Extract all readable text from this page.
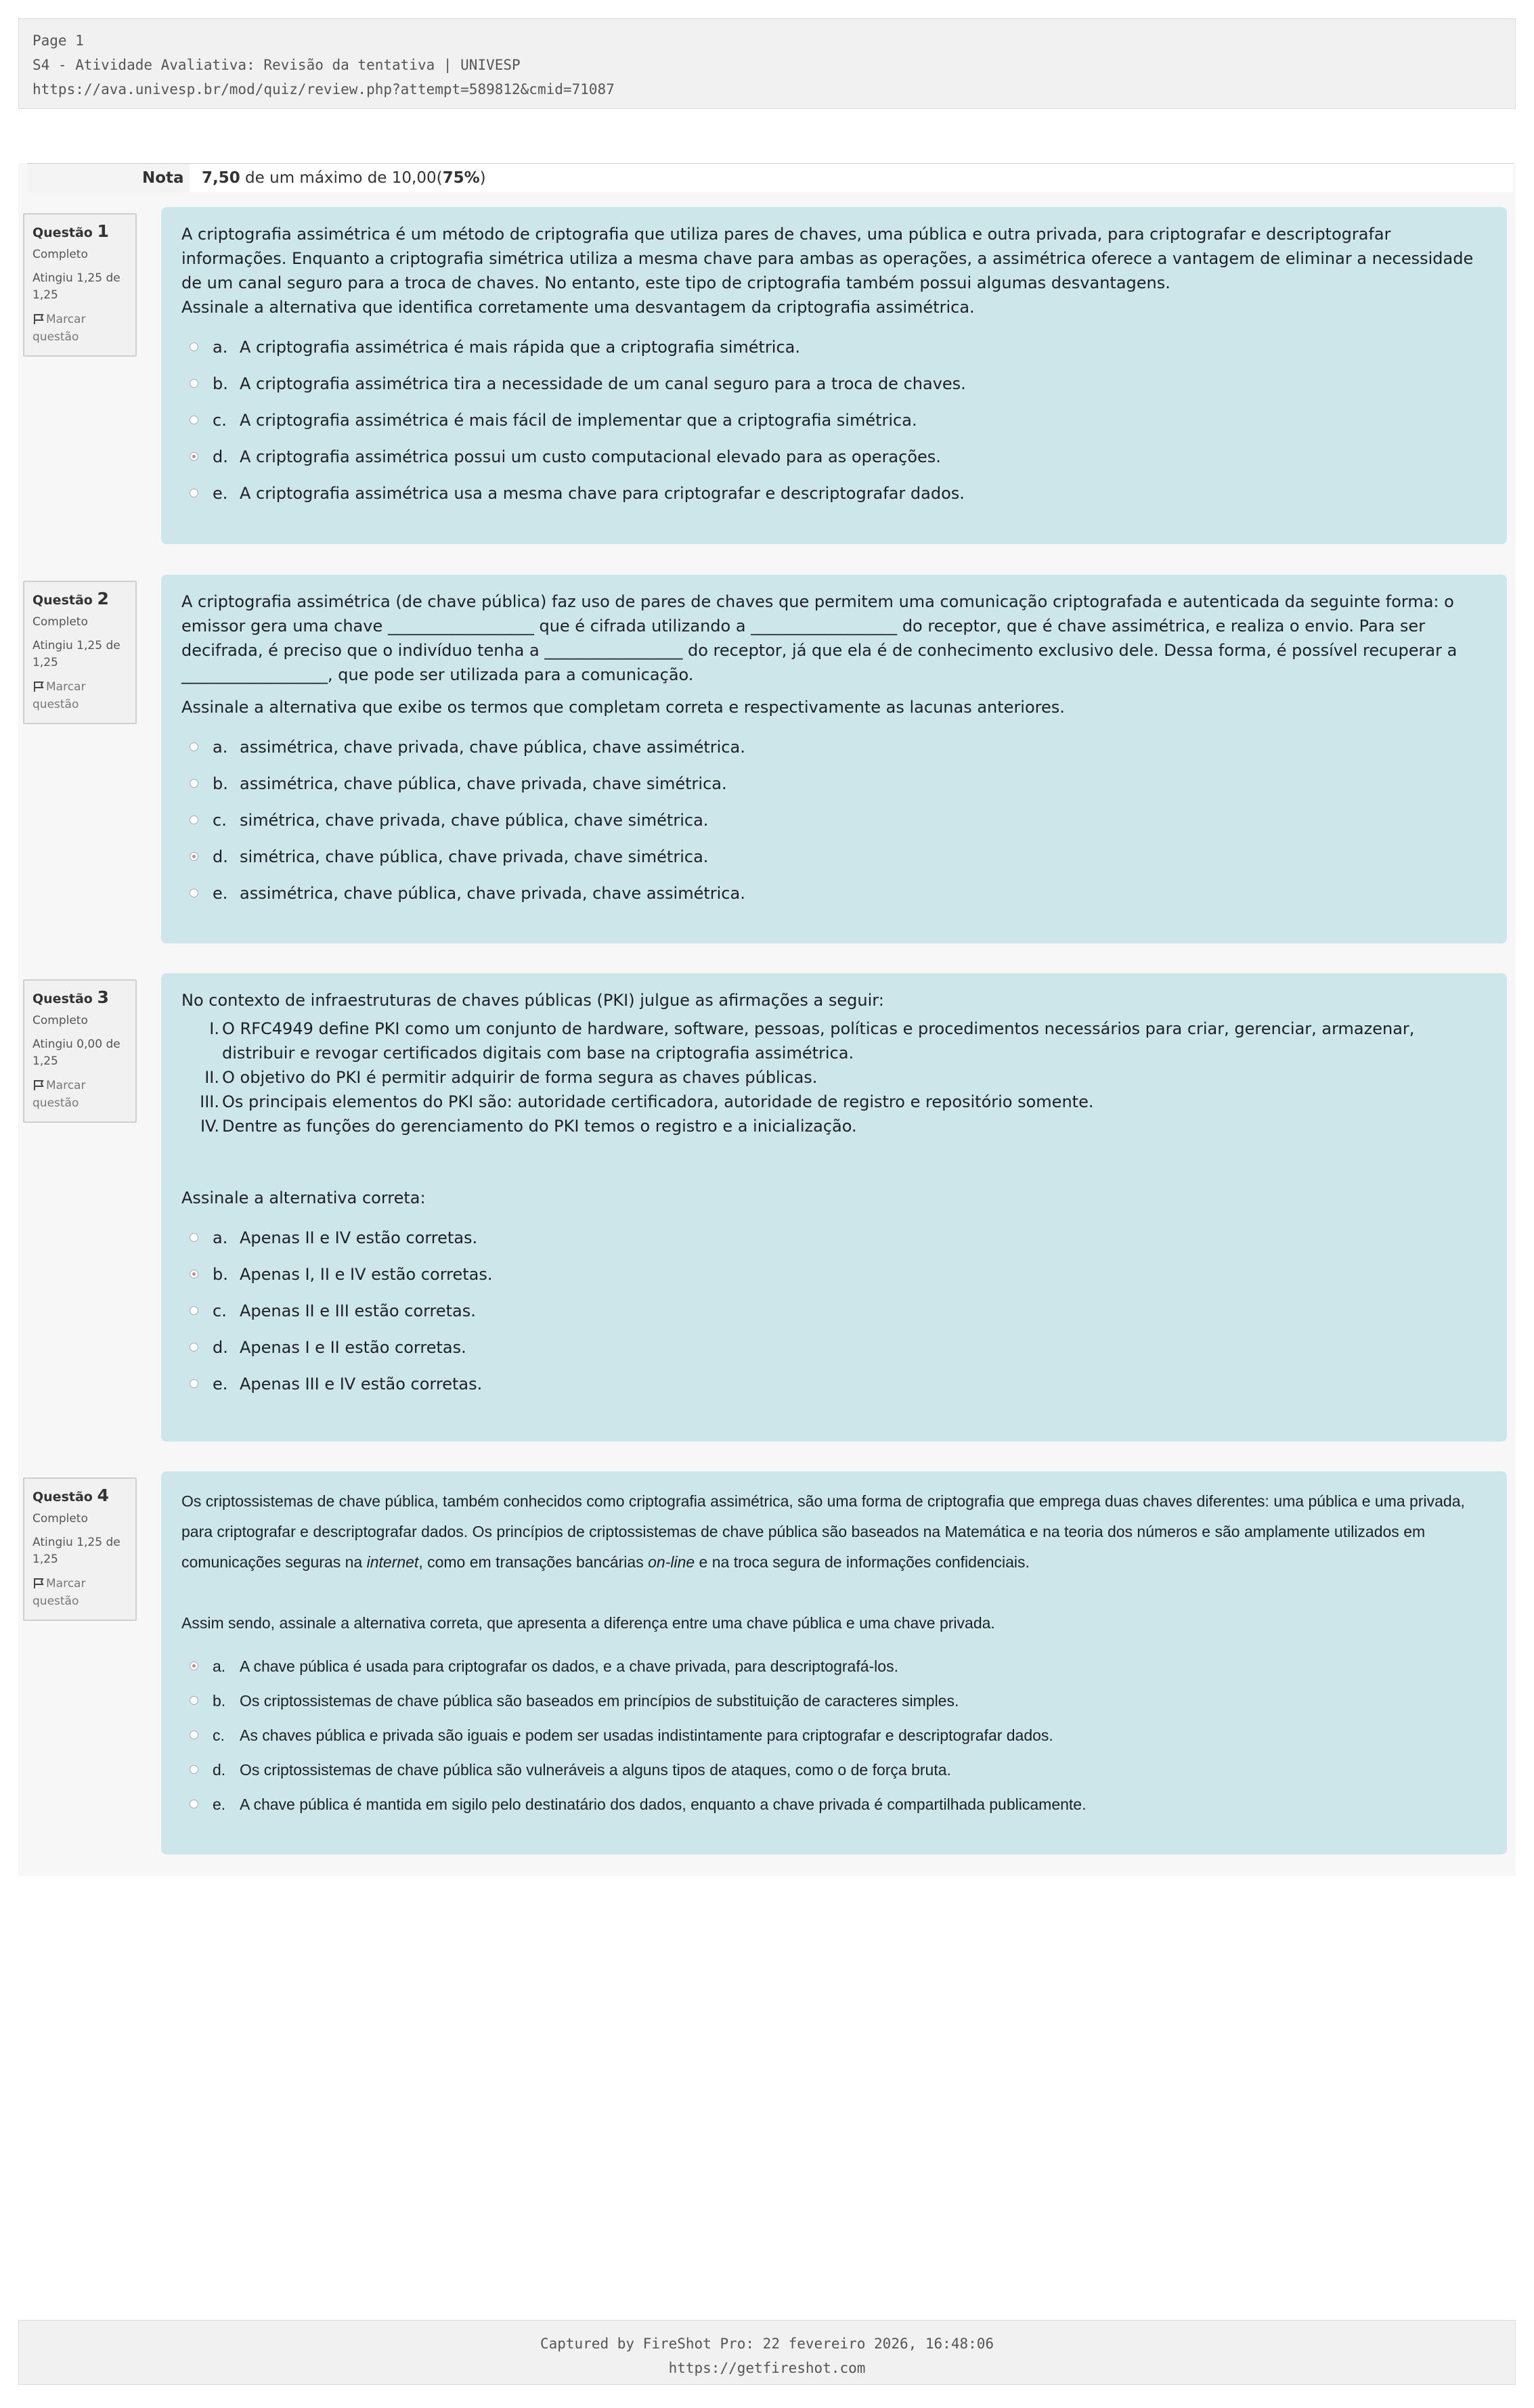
Page 1
S4 - Atividade Avaliativa: Revisão da tentativa | UNIVESP
https://ava.univesp.br/mod/quiz/review.php?attempt=589812&cmid=71087
Nota 7,50 de um máximo de 10,00(75%)
Questão 1
Completo
Atingiu 1,25 de 1,25
Marcar questão

A criptografia assimétrica é um método de criptografia que utiliza pares de chaves, uma pública e outra privada, para criptografar e descriptografar informações. Enquanto a criptografia simétrica utiliza a mesma chave para ambas as operações, a assimétrica oferece a vantagem de eliminar a necessidade de um canal seguro para a troca de chaves. No entanto, este tipo de criptografia também possui algumas desvantagens.

Assinale a alternativa que identifica corretamente uma desvantagem da criptografia assimétrica.

a. A criptografia assimétrica é mais rápida que a criptografia simétrica.
b. A criptografia assimétrica tira a necessidade de um canal seguro para a troca de chaves.
c. A criptografia assimétrica é mais fácil de implementar que a criptografia simétrica.
d. A criptografia assimétrica possui um custo computacional elevado para as operações.
e. A criptografia assimétrica usa a mesma chave para criptografar e descriptografar dados.
Questão 2
Completo
Atingiu 1,25 de 1,25
Marcar questão

A criptografia assimétrica (de chave pública) faz uso de pares de chaves que permitem uma comunicação criptografada e autenticada da seguinte forma: o emissor gera uma chave __________________ que é cifrada utilizando a __________________ do receptor, que é chave assimétrica, e realiza o envio. Para ser decifrada, é preciso que o indivíduo tenha a _________________ do receptor, já que ela é de conhecimento exclusivo dele. Dessa forma, é possível recuperar a __________________, que pode ser utilizada para a comunicação.

Assinale a alternativa que exibe os termos que completam correta e respectivamente as lacunas anteriores.

a. assimétrica, chave privada, chave pública, chave assimétrica.
b. assimétrica, chave pública, chave privada, chave simétrica.
c. simétrica, chave privada, chave pública, chave simétrica.
d. simétrica, chave pública, chave privada, chave simétrica.
e. assimétrica, chave pública, chave privada, chave assimétrica.
Questão 3
Completo
Atingiu 0,00 de 1,25
Marcar questão

No contexto de infraestruturas de chaves públicas (PKI) julgue as afirmações a seguir:

I. O RFC4949 define PKI como um conjunto de hardware, software, pessoas, políticas e procedimentos necessários para criar, gerenciar, armazenar, distribuir e revogar certificados digitais com base na criptografia assimétrica.
II. O objetivo do PKI é permitir adquirir de forma segura as chaves públicas.
III. Os principais elementos do PKI são: autoridade certificadora, autoridade de registro e repositório somente.
IV. Dentre as funções do gerenciamento do PKI temos o registro e a inicialização.

Assinale a alternativa correta:

a. Apenas II e IV estão corretas.
b. Apenas I, II e IV estão corretas.
c. Apenas II e III estão corretas.
d. Apenas I e II estão corretas.
e. Apenas III e IV estão corretas.
Questão 4
Completo
Atingiu 1,25 de 1,25
Marcar questão

Os criptossistemas de chave pública, também conhecidos como criptografia assimétrica, são uma forma de criptografia que emprega duas chaves diferentes: uma pública e uma privada, para criptografar e descriptografar dados. Os princípios de criptossistemas de chave pública são baseados na Matemática e na teoria dos números e são amplamente utilizados em comunicações seguras na internet, como em transações bancárias on-line e na troca segura de informações confidenciais.

Assim sendo, assinale a alternativa correta, que apresenta a diferença entre uma chave pública e uma chave privada.

a. A chave pública é usada para criptografar os dados, e a chave privada, para descriptografá-los.
b. Os criptossistemas de chave pública são baseados em princípios de substituição de caracteres simples.
c. As chaves pública e privada são iguais e podem ser usadas indistintamente para criptografar e descriptografar dados.
d. Os criptossistemas de chave pública são vulneráveis a alguns tipos de ataques, como o de força bruta.
e. A chave pública é mantida em sigilo pelo destinatário dos dados, enquanto a chave privada é compartilhada publicamente.
Captured by FireShot Pro: 22 fevereiro 2026, 16:48:06
https://getfireshot.com
